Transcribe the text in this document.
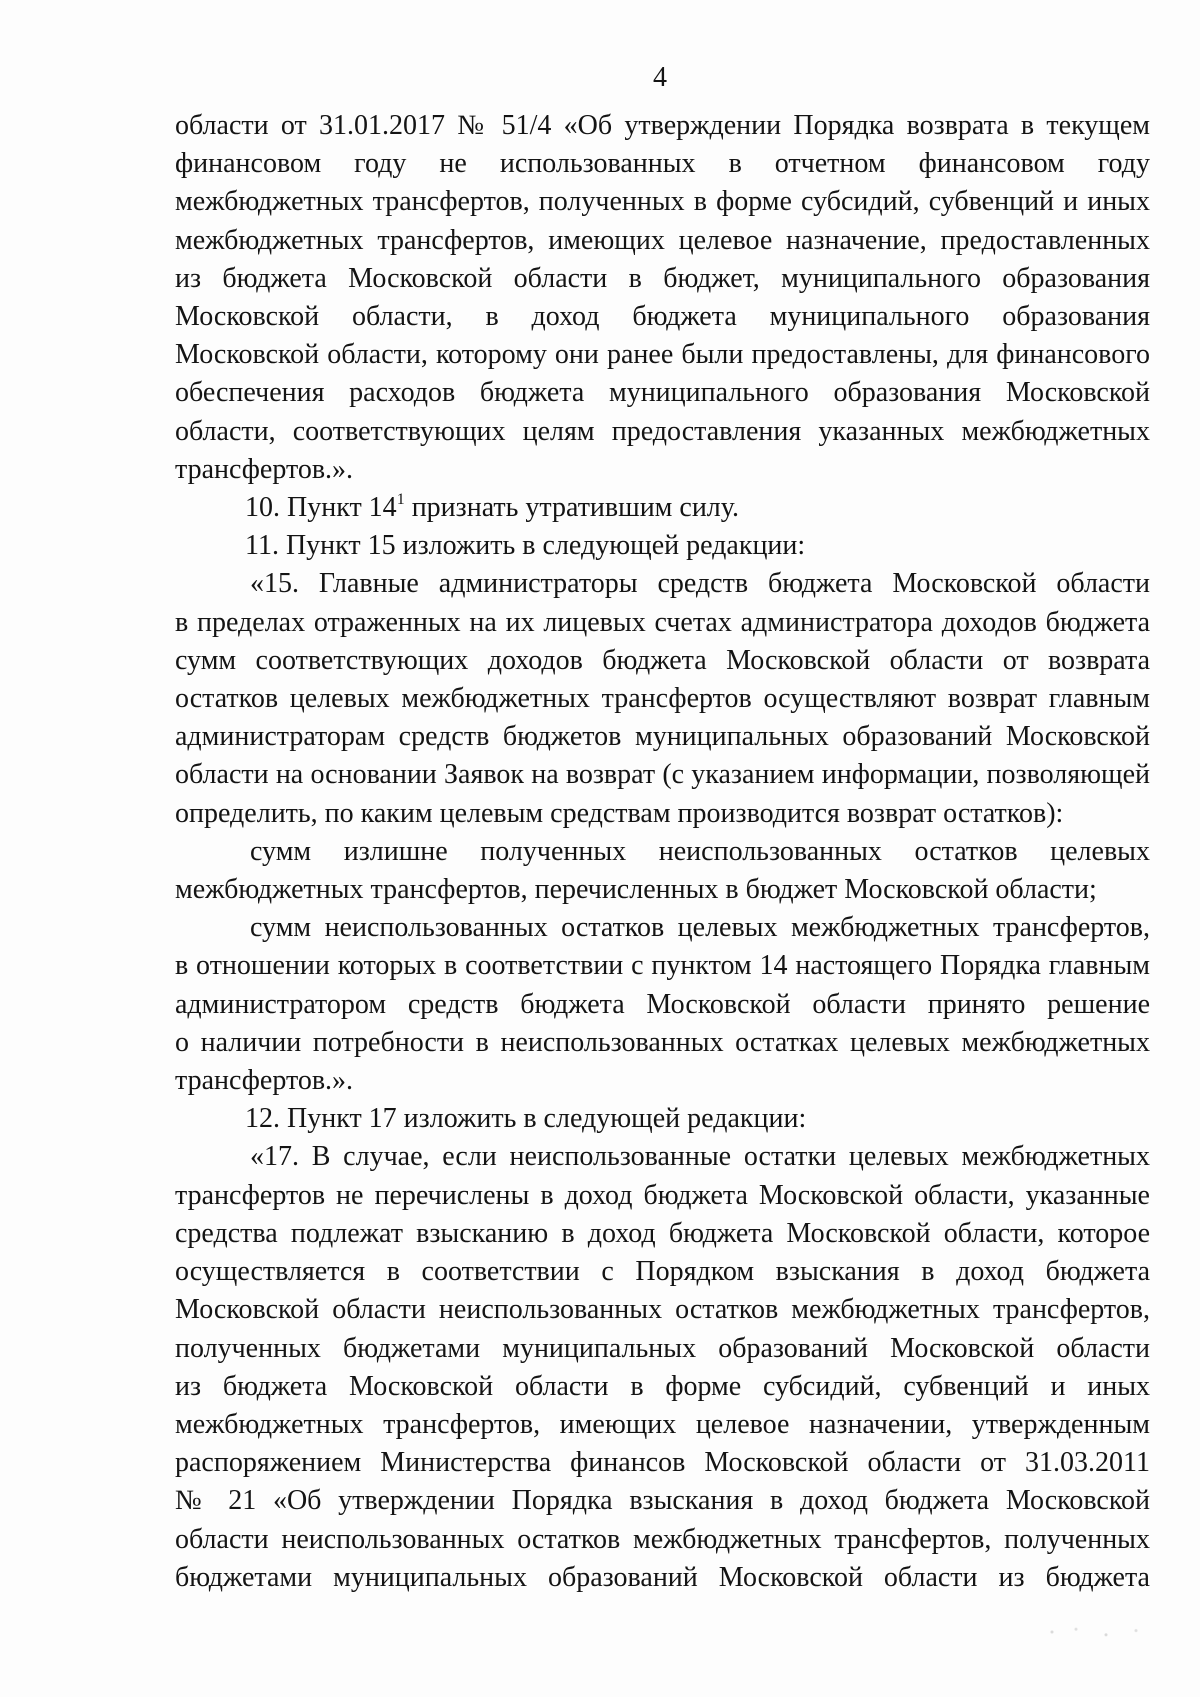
4

области от 31.01.2017 № 51/4 «Об утверждении Порядка возврата в текущем

финансовом году не использованных в отчетном финансовом году

межбюджетных трансфертов, полученных в форме субсидий, субвенций и иных

межбюджетных трансфертов, имеющих целевое назначение, предоставленных

из бюджета Московской области в бюджет, муниципального образования

Московской области, в доход бюджета муниципального образования

Московской области, которому они ранее были предоставлены, для финансового

обеспечения расходов бюджета муниципального образования Московской

области, соответствующих целям предоставления указанных межбюджетных

трансфертов.».

10. Пункт $14^1$ признать утратившим силу.

11. Пункт 15 изложить в следующей редакции:

«15. Главные администраторы средств бюджета Московской области

в пределах отраженных на их лицевых счетах администратора доходов бюджета

сумм соответствующих доходов бюджета Московской области от возврата

остатков целевых межбюджетных трансфертов осуществляют возврат главным

администраторам средств бюджетов муниципальных образований Московской

области на основании Заявок на возврат (с указанием информации, позволяющей

определить, по каким целевым средствам производится возврат остатков):

сумм излишне полученных неиспользованных остатков целевых

межбюджетных трансфертов, перечисленных в бюджет Московской области;

сумм неиспользованных остатков целевых межбюджетных трансфертов,

в отношении которых в соответствии с пунктом 14 настоящего Порядка главным

администратором средств бюджета Московской области принято решение

о наличии потребности в неиспользованных остатках целевых межбюджетных

трансфертов.».

12. Пункт 17 изложить в следующей редакции:

«17. В случае, если неиспользованные остатки целевых межбюджетных

трансфертов не перечислены в доход бюджета Московской области, указанные

средства подлежат взысканию в доход бюджета Московской области, которое

осуществляется в соответствии с Порядком взыскания в доход бюджета

Московской области неиспользованных остатков межбюджетных трансфертов,

полученных бюджетами муниципальных образований Московской области

из бюджета Московской области в форме субсидий, субвенций и иных

межбюджетных трансфертов, имеющих целевое назначении, утвержденным

распоряжением Министерства финансов Московской области от 31.03.2011

№ 21 «Об утверждении Порядка взыскания в доход бюджета Московской

области неиспользованных остатков межбюджетных трансфертов, полученных

бюджетами муниципальных образований Московской области из бюджета
